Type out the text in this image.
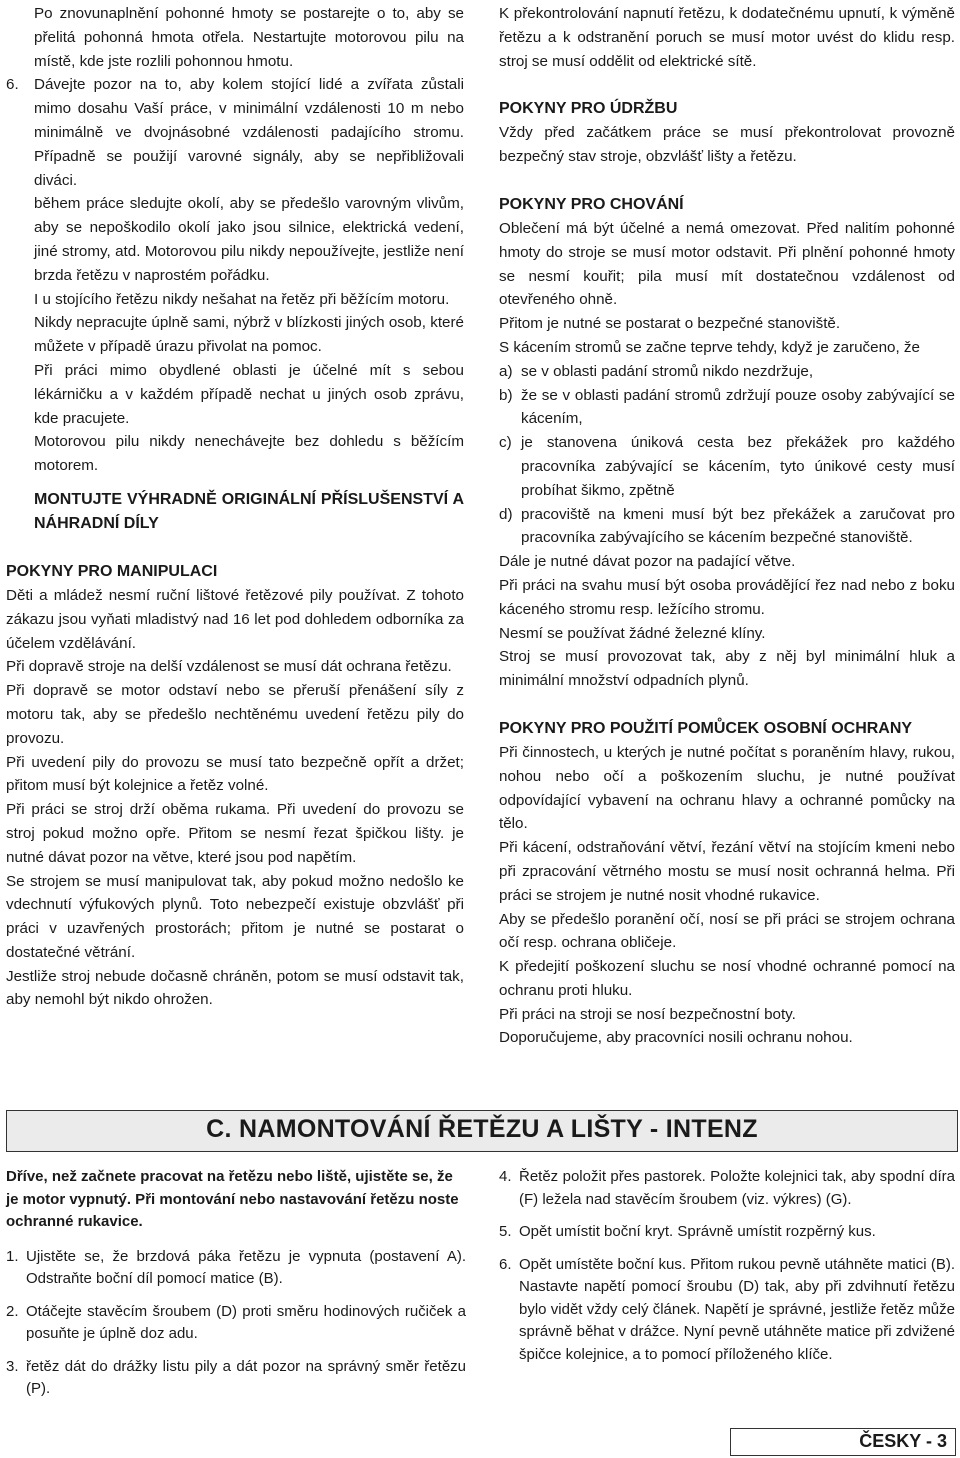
Po znovunaplnění pohonné hmoty se postarejte o to, aby se přelitá pohonná hmota otřela. Nestartujte motorovou pilu na místě, kde jste rozlili pohonnou hmotu.

6. Dávejte pozor na to, aby kolem stojící lidé a zvířata zůstali mimo dosahu Vaší práce, v minimální vzdálenosti 10 m nebo minimálně ve dvojnásobné vzdálenosti padajícího stromu. Případně se použijí varovné signály, aby se nepřibližovali diváci.

během práce sledujte okolí, aby se předešlo varovným vlivům, aby se nepoškodilo okolí jako jsou silnice, elektrická vedení, jiné stromy, atd. Motorovou pilu nikdy nepoužívejte, jestliže není brzda řetězu v naprostém pořádku.

I u stojícího řetězu nikdy nešahat na řetěz při běžícím motoru.

Nikdy nepracujte úplně sami, nýbrž v blízkosti jiných osob, které můžete v případě úrazu přivolat na pomoc.

Při práci mimo obydlené oblasti je účelné mít s sebou lékárničku a v každém případě nechat u jiných osob zprávu, kde pracujete.

Motorovou pilu nikdy nenechávejte bez dohledu s běžícím motorem.

MONTUJTE VÝHRADNĚ ORIGINÁLNÍ PŘÍSLUŠENSTVÍ A NÁHRADNÍ DÍLY

POKYNY PRO MANIPULACI

Děti a mládež nesmí ruční lištové řetězové pily používat. Z tohoto zákazu jsou vyňati mladistvý nad 16 let pod dohledem odborníka za účelem vzdělávání.

Při dopravě stroje na delší vzdálenost se musí dát ochrana řetězu.

Při dopravě se motor odstaví nebo se přeruší přenášení síly z motoru tak, aby se předešlo nechtěnému uvedení řetězu pily do provozu.

Při uvedení pily do provozu se musí tato bezpečně opřít a držet; přitom musí být kolejnice a řetěz volné.

Při práci se stroj drží oběma rukama. Při uvedení do provozu se stroj pokud možno opře. Přitom se nesmí řezat špičkou lišty. je nutné dávat pozor na větve, které jsou pod napětím.

Se strojem se musí manipulovat tak, aby pokud možno nedošlo ke vdechnutí výfukových plynů. Toto nebezpečí existuje obzvlášť při práci v uzavřených prostorách; přitom je nutné se postarat o dostatečné větrání.

Jestliže stroj nebude dočasně chráněn, potom se musí odstavit tak, aby nemohl být nikdo ohrožen.

K překontrolování napnutí řetězu, k dodatečnému upnutí, k výměně řetězu a k odstranění poruch se musí motor uvést do klidu resp. stroj se musí oddělit od elektrické sítě.

POKYNY PRO ÚDRŽBU

Vždy před začátkem práce se musí překontrolovat provozně bezpečný stav stroje, obzvlášť lišty a řetězu.

POKYNY PRO CHOVÁNÍ

Oblečení má být účelné a nemá omezovat. Před nalitím pohonné hmoty do stroje se musí motor odstavit. Při plnění pohonné hmoty se nesmí kouřit; pila musí mít dostatečnou vzdálenost od otevřeného ohně.

Přitom je nutné se postarat o bezpečné stanoviště.

S kácením stromů se začne teprve tehdy, když je zaručeno, že

a) se v oblasti padání stromů nikdo nezdržuje,
b) že se v oblasti padání stromů zdržují pouze osoby zabývající se kácením,
c) je stanovena úniková cesta bez překážek pro každého pracovníka zabývající se kácením, tyto únikové cesty musí probíhat šikmo, zpětně
d) pracoviště na kmeni musí být bez překážek a zaručovat pro pracovníka zabývajícího se kácením bezpečné stanoviště.

Dále je nutné dávat pozor na padající větve.

Při práci na svahu musí být osoba provádějící řez nad nebo z boku káceného stromu resp. ležícího stromu.

Nesmí se používat žádné železné klíny.

Stroj se musí provozovat tak, aby z něj byl minimální hluk a minimální množství odpadních plynů.

POKYNY PRO POUŽITÍ POMŮCEK OSOBNÍ OCHRANY

Při činnostech, u kterých je nutné počítat s poraněním hlavy, rukou, nohou nebo očí a poškozením sluchu, je nutné používat odpovídající vybavení na ochranu hlavy a ochranné pomůcky na tělo.

Při kácení, odstraňování větví, řezání větví na stojícím kmeni nebo při zpracování větrného mostu se musí nosit ochranná helma. Při práci se strojem je nutné nosit vhodné rukavice.

Aby se předešlo poranění očí, nosí se při práci se strojem ochrana očí resp. ochrana obličeje.

K předejití poškození sluchu se nosí vhodné ochranné pomocí na ochranu proti hluku.

Při práci na stroji se nosí bezpečnostní boty.

Doporučujeme, aby pracovníci nosili ochranu nohou.

C. NAMONTOVÁNÍ ŘETĚZU A LIŠTY - INTENZ

Dříve, než začnete pracovat na řetězu nebo liště, ujistěte se, že je motor vypnutý. Při montování nebo nastavování řetězu noste ochranné rukavice.

1. Ujistěte se, že brzdová páka řetězu je vypnuta (postavení A). Odstraňte boční díl pomocí matice (B).
2. Otáčejte stavěcím šroubem (D) proti směru hodinových ručiček a posuňte je úplně doz adu.
3. řetěz dát do drážky listu pily a dát pozor na správný směr řetězu (P).
4. Řetěz položit přes pastorek. Položte kolejnici tak, aby spodní díra (F) ležela nad stavěcím šroubem (viz. výkres) (G).
5. Opět umístit boční kryt. Správně umístit rozpěrný kus.
6. Opět umístěte boční kus. Přitom rukou pevně utáhněte matici (B). Nastavte napětí pomocí šroubu (D) tak, aby při zdvihnutí řetězu bylo vidět vždy celý článek. Napětí je správné, jestliže řetěz může správně běhat v drážce. Nyní pevně utáhněte matice při zdvižené špičce kolejnice, a to pomocí příloženého klíče.
ČESKY - 3
